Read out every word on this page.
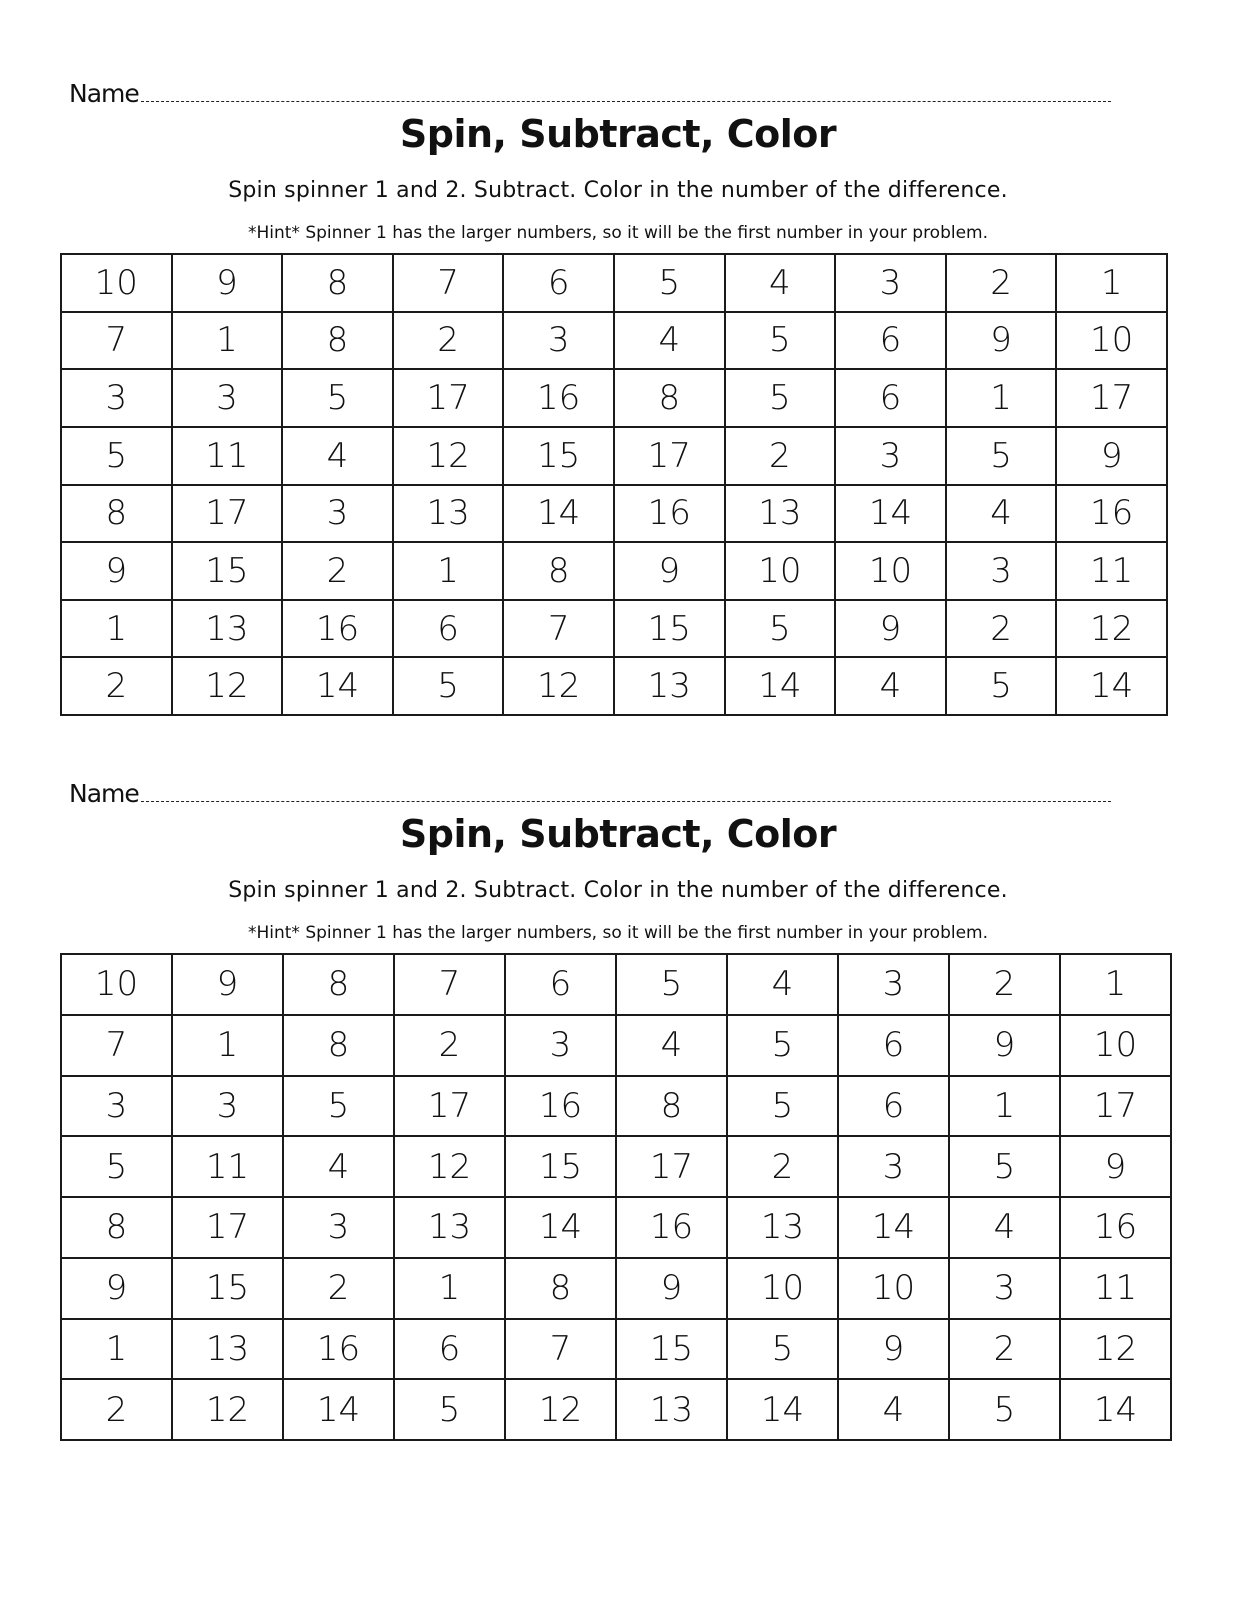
Name
Spin, Subtract, Color
Spin spinner 1 and 2. Subtract. Color in the number of the difference.
*Hint* Spinner 1 has the larger numbers, so it will be the first number in your problem.
10	9	8	7	6	5	4	3	2	1
7	1	8	2	3	4	5	6	9	10
3	3	5	17	16	8	5	6	1	17
5	11	4	12	15	17	2	3	5	9
8	17	3	13	14	16	13	14	4	16
9	15	2	1	8	9	10	10	3	11
1	13	16	6	7	15	5	9	2	12
2	12	14	5	12	13	14	4	5	14
Name
Spin, Subtract, Color
Spin spinner 1 and 2. Subtract. Color in the number of the difference.
*Hint* Spinner 1 has the larger numbers, so it will be the first number in your problem.
10	9	8	7	6	5	4	3	2	1
7	1	8	2	3	4	5	6	9	10
3	3	5	17	16	8	5	6	1	17
5	11	4	12	15	17	2	3	5	9
8	17	3	13	14	16	13	14	4	16
9	15	2	1	8	9	10	10	3	11
1	13	16	6	7	15	5	9	2	12
2	12	14	5	12	13	14	4	5	14
